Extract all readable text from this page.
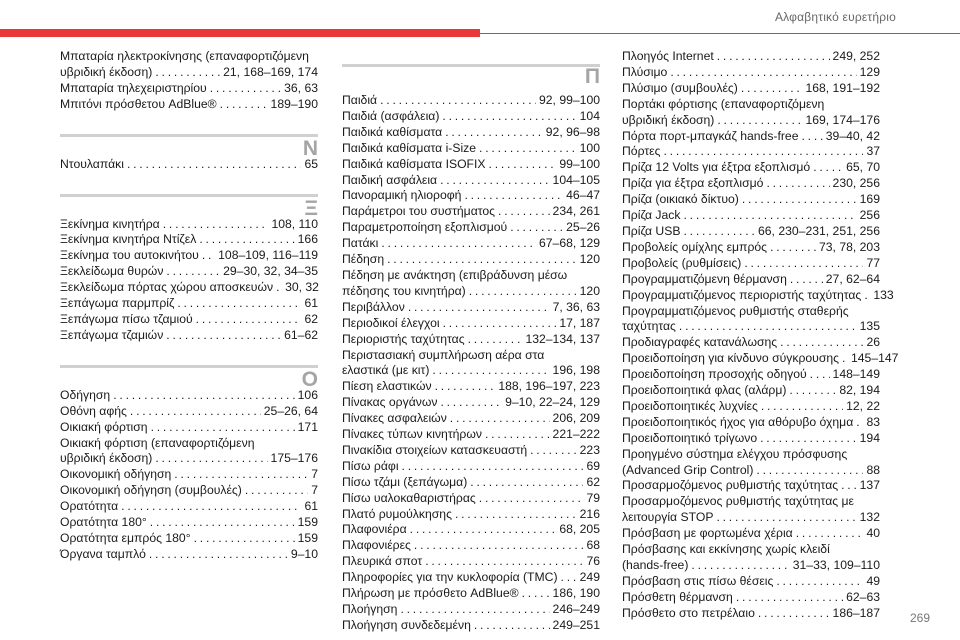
Αλφαβητικό ευρετήριο
Μπαταρία ηλεκτροκίνησης (επαναφορτιζόμενη
υβριδική έκδοση) . . .	21, 168–169, 174
Μπαταρία τηλεχειριστηρίου . . .	36, 63
Μπιτόνι πρόσθετου AdBlue® . . .	189–190
Ν
Ντουλαπάκι . . .	65
Ξ
Ξεκίνημα κινητήρα . . .	108, 110
Ξεκίνημα κινητήρα Ντίζελ . . .	166
Ξεκίνημα του αυτοκινήτου . . . 108–109, 116–119
Ξεκλείδωμα θυρών . . .	29–30, 32, 34–35
Ξεκλείδωμα πόρτας χώρου αποσκευών . . . 30, 32
Ξεπάγωμα παρμπρίζ . . .	61
Ξεπάγωμα πίσω τζαμιού . . .	62
Ξεπάγωμα τζαμιών . . .	61–62
Ο
Οδήγηση . . .	106
Οθόνη αφής . . .	25–26, 64
Οικιακή φόρτιση . . .	171
Οικιακή φόρτιση (επαναφορτιζόμενη
υβριδική έκδοση) . . .	175–176
Οικονομική οδήγηση . . .	7
Οικονομική οδήγηση (συμβουλές) . . .	7
Ορατότητα . . .	61
Ορατότητα 180° . . .	159
Ορατότητα εμπρός 180° . . .	159
Όργανα ταμπλό . . .	9–10
Π
Παιδιά . . .	92, 99–100
Παιδιά (ασφάλεια) . . .	104
Παιδικά καθίσματα . . .	92, 96–98
Παιδικά καθίσματα i-Size . . .	100
Παιδικά καθίσματα ISOFIX . . .	99–100
Παιδική ασφάλεια . . .	104–105
Πανοραμική ηλιοροφή . . .	46–47
Παράμετροι του συστήματος . . .	234, 261
Παραμετροποίηση εξοπλισμού . . .	25–26
Πατάκι . . .	67–68, 129
Πέδηση . . .	120
Πέδηση με ανάκτηση (επιβράδυνση μέσω
πέδησης του κινητήρα) . . .	120
Περιβάλλον . . .	7, 36, 63
Περιοδικοί έλεγχοι . . .	17, 187
Περιοριστής ταχύτητας . . .	132–134, 137
Περιστασιακή συμπλήρωση αέρα στα
ελαστικά (με κιτ) . . .	196, 198
Πίεση ελαστικών . . .	188, 196–197, 223
Πίνακας οργάνων . . .	9–10, 22–24, 129
Πίνακες ασφαλειών . . .	206, 209
Πίνακες τύπων κινητήρων . . .	221–222
Πινακίδια στοιχείων κατασκευαστή . . .	223
Πίσω ράφι . . .	69
Πίσω τζάμι (ξεπάγωμα) . . .	62
Πίσω υαλοκαθαριστήρας . . .	79
Πλατό ρυμούλκησης . . .	216
Πλαφονιέρα . . .	68, 205
Πλαφονιέρες . . .	68
Πλευρικά σποτ . . .	76
Πληροφορίες για την κυκλοφορία (TMC) . . . 249
Πλήρωση με πρόσθετο AdBlue® . . .	186, 190
Πλοήγηση . . .	246–249
Πλοήγηση συνδεδεμένη . . .	249–251
Πλοηγός Internet . . .	249, 252
Πλύσιμο . . .	129
Πλύσιμο (συμβουλές) . . .	168, 191–192
Πορτάκι φόρτισης (επαναφορτιζόμενη
υβριδική έκδοση) . . .	169, 174–176
Πόρτα πορτ-μπαγκάζ hands-free . . . 39–40, 42
Πόρτες . . .	37
Πρίζα 12 Volts για έξτρα εξοπλισμό . . .	65, 70
Πρίζα για έξτρα εξοπλισμό . . .	230, 256
Πρίζα (οικιακό δίκτυο) . . .	169
Πρίζα Jack . . .	256
Πρίζα USB . . .	66, 230–231, 251, 256
Προβολείς ομίχλης εμπρός . . .	73, 78, 203
Προβολείς (ρυθμίσεις) . . .	77
Προγραμματιζόμενη θέρμανση . . .	27, 62–64
Προγραμματιζόμενος περιοριστής ταχύτητας . . . 133
Προγραμματιζόμενος ρυθμιστής σταθερής
ταχύτητας . . .	135
Προδιαγραφές κατανάλωσης . . .	26
Προειδοποίηση για κίνδυνο σύγκρουσης . . . 145–147
Προειδοποίηση προσοχής οδηγού . . . 148–149
Προειδοποιητικά φλας (αλάρμ) . . .	82, 194
Προειδοποιητικές λυχνίες . . .	12, 22
Προειδοποιητικός ήχος για αθόρυβο όχημα . . . 83
Προειδοποιητικό τρίγωνο . . .	194
Προηγμένο σύστημα ελέγχου πρόσφυσης
(Advanced Grip Control) . . .	88
Προσαρμοζόμενος ρυθμιστής ταχύτητας . . . 137
Προσαρμοζόμενος ρυθμιστής ταχύτητας με
λειτουργία STOP . . .	132
Πρόσβαση με φορτωμένα χέρια . . .	40
Πρόσβασης και εκκίνησης χωρίς κλειδί
(hands-free) . . .	31–33, 109–110
Πρόσβαση στις πίσω θέσεις . . .	49
Πρόσθετη θέρμανση . . .	62–63
Πρόσθετο στο πετρέλαιο . . .	186–187 269
